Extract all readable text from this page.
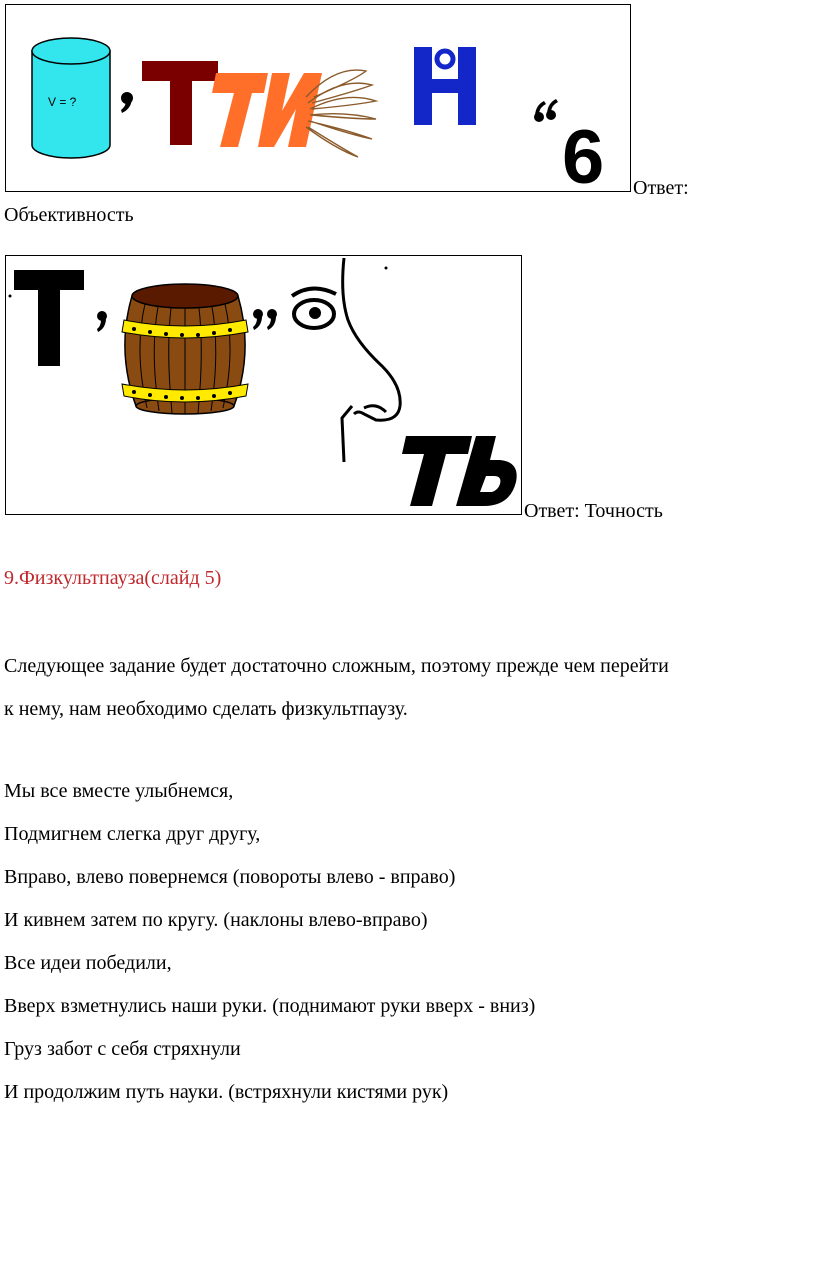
V = ?
6 Ответ:
Объективность
Ответ: Точность
9.Физкультпауза(слайд 5)
Следующее задание будет достаточно сложным, поэтому прежде чем перейти
к нему, нам необходимо сделать физкультпаузу.
Мы все вместе улыбнемся,
Подмигнем слегка друг другу,
Вправо, влево повернемся (повороты влево - вправо)
И кивнем затем по кругу. (наклоны влево-вправо)
Все идеи победили,
Вверх взметнулись наши руки. (поднимают руки вверх - вниз)
Груз забот с себя стряхнули
И продолжим путь науки. (встряхнули кистями рук)
